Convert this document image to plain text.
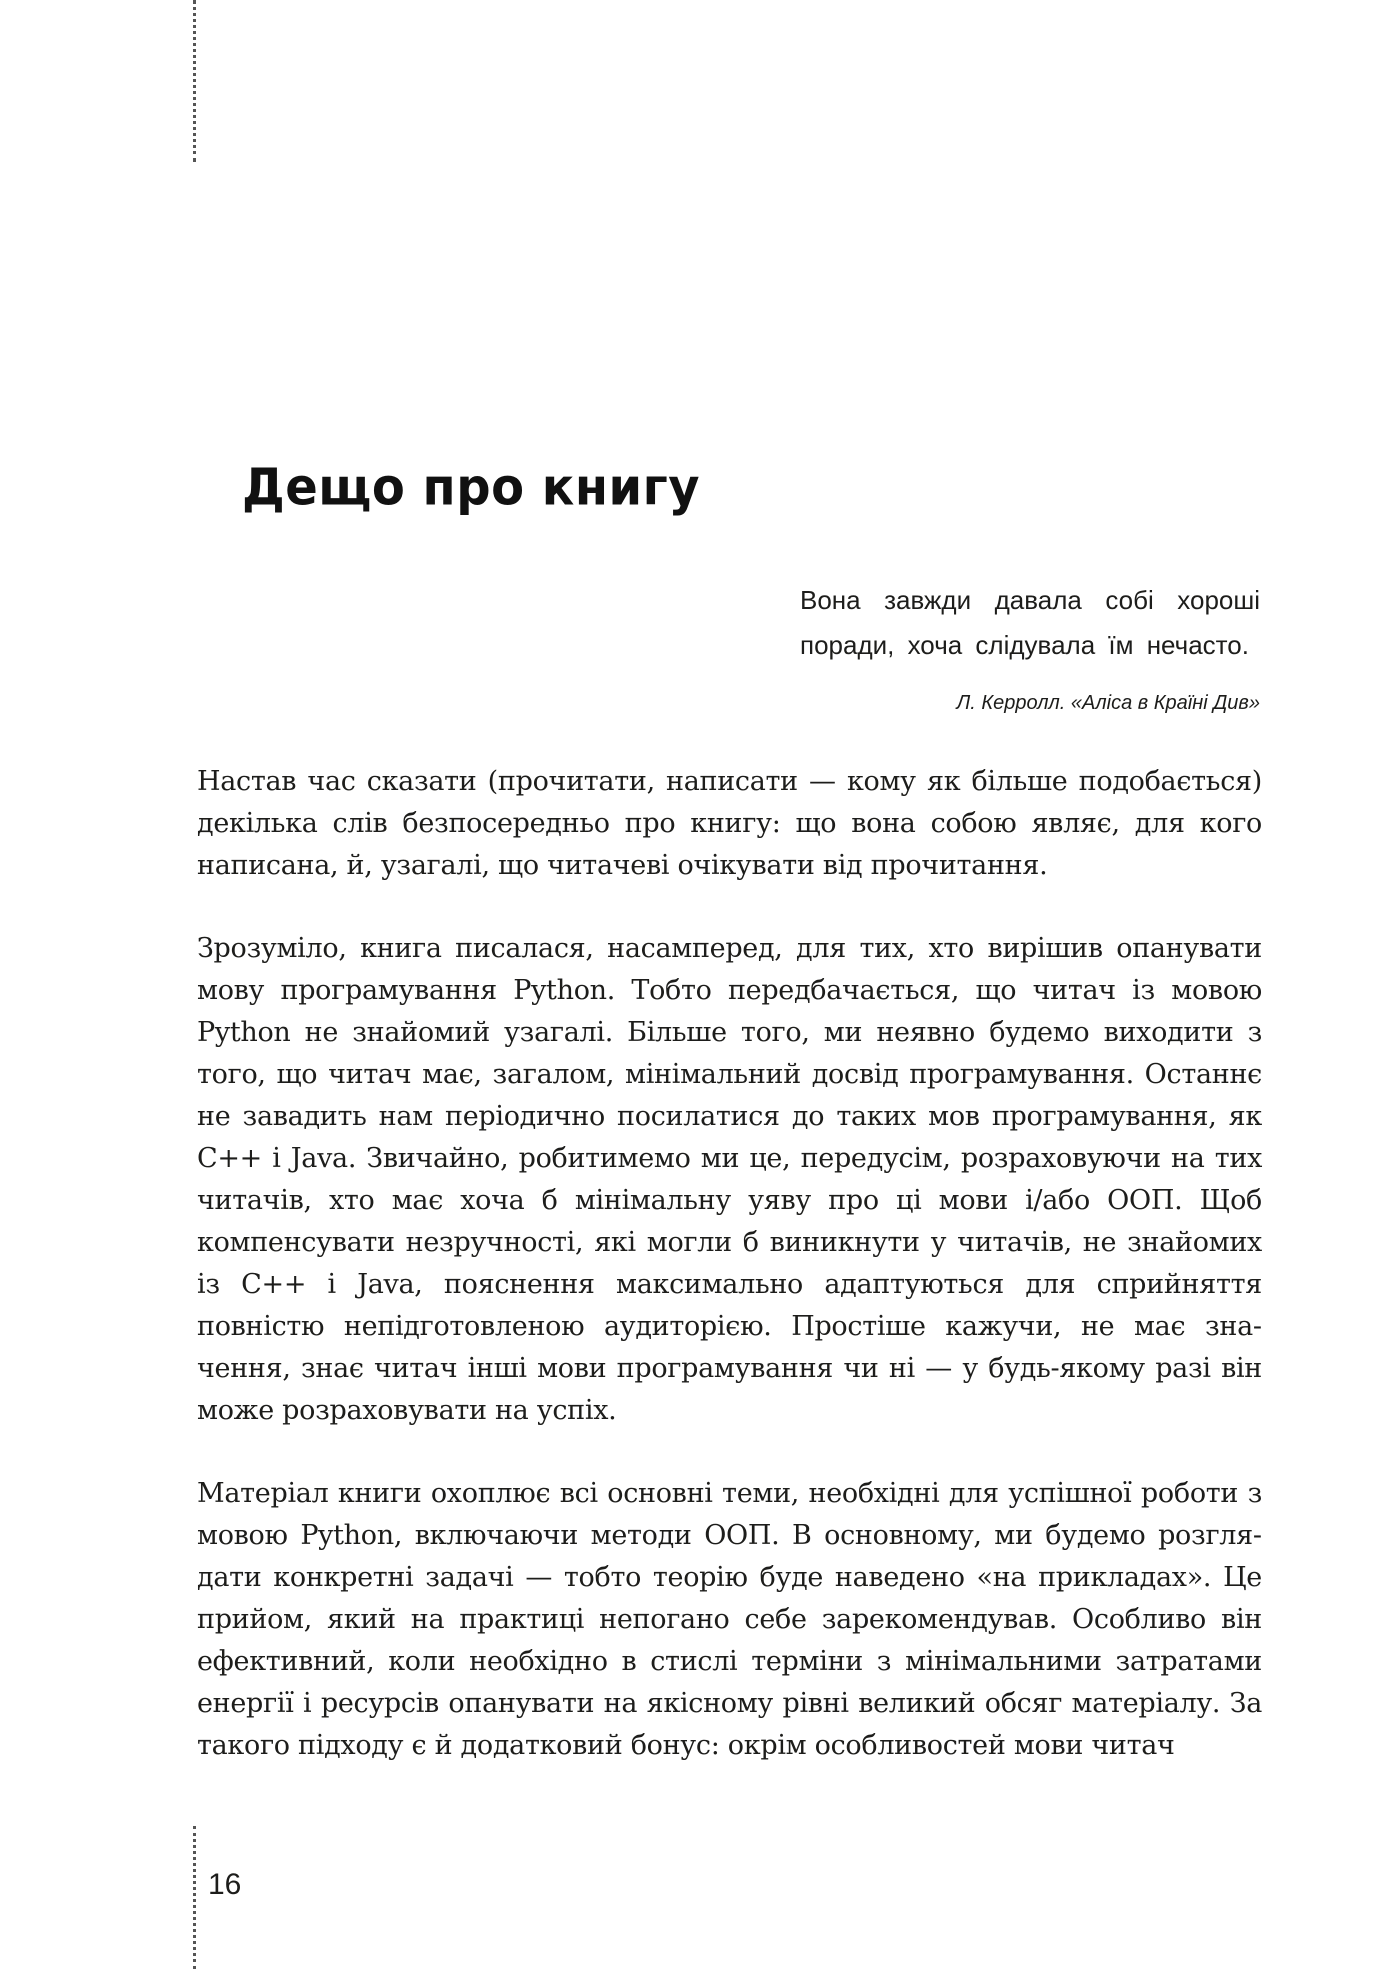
Дещо про книгу

Вона завжди давала собі хороші поради, хоча слідувала їм нечасто.

Л. Керролл. «Аліса в Країні Див»

Настав час сказати (прочитати, написати — кому як більше подобається) декілька слів безпосередньо про книгу: що вона собою являє, для кого написана, й, узагалі, що читачеві очікувати від прочитання.

Зрозуміло, книга писалася, насамперед, для тих, хто вирішив опанувати мову програмування Python. Тобто передбачається, що читач із мовою Python не знайомий узагалі. Більше того, ми неявно будемо виходити з того, що читач має, загалом, мінімальний досвід програмування. Останнє не завадить нам періодично посилатися до таких мов програмування, як C++ і Java. Звичайно, робитимемо ми це, передусім, розраховуючи на тих читачів, хто має хоча б мінімальну уяву про ці мови і/або ООП. Щоб компенсувати незручності, які могли б виникнути у читачів, не знайомих із C++ і Java, пояснення максимально адаптуються для сприйняття повністю непідготовленою аудиторією. Простіше кажучи, не має значення, знає читач інші мови програмування чи ні — у будь-якому разі він може розраховувати на успіх.

Матеріал книги охоплює всі основні теми, необхідні для успішної роботи з мовою Python, включаючи методи ООП. В основному, ми будемо розглядати конкретні задачі — тобто теорію буде наведено «на прикладах». Це прийом, який на практиці непогано себе зарекомендував. Особливо він ефективний, коли необхідно в стислі терміни з мінімальними затратами енергії і ресурсів опанувати на якісному рівні великий обсяг матеріалу. За такого підходу є й додатковий бонус: окрім особливостей мови читач

16
